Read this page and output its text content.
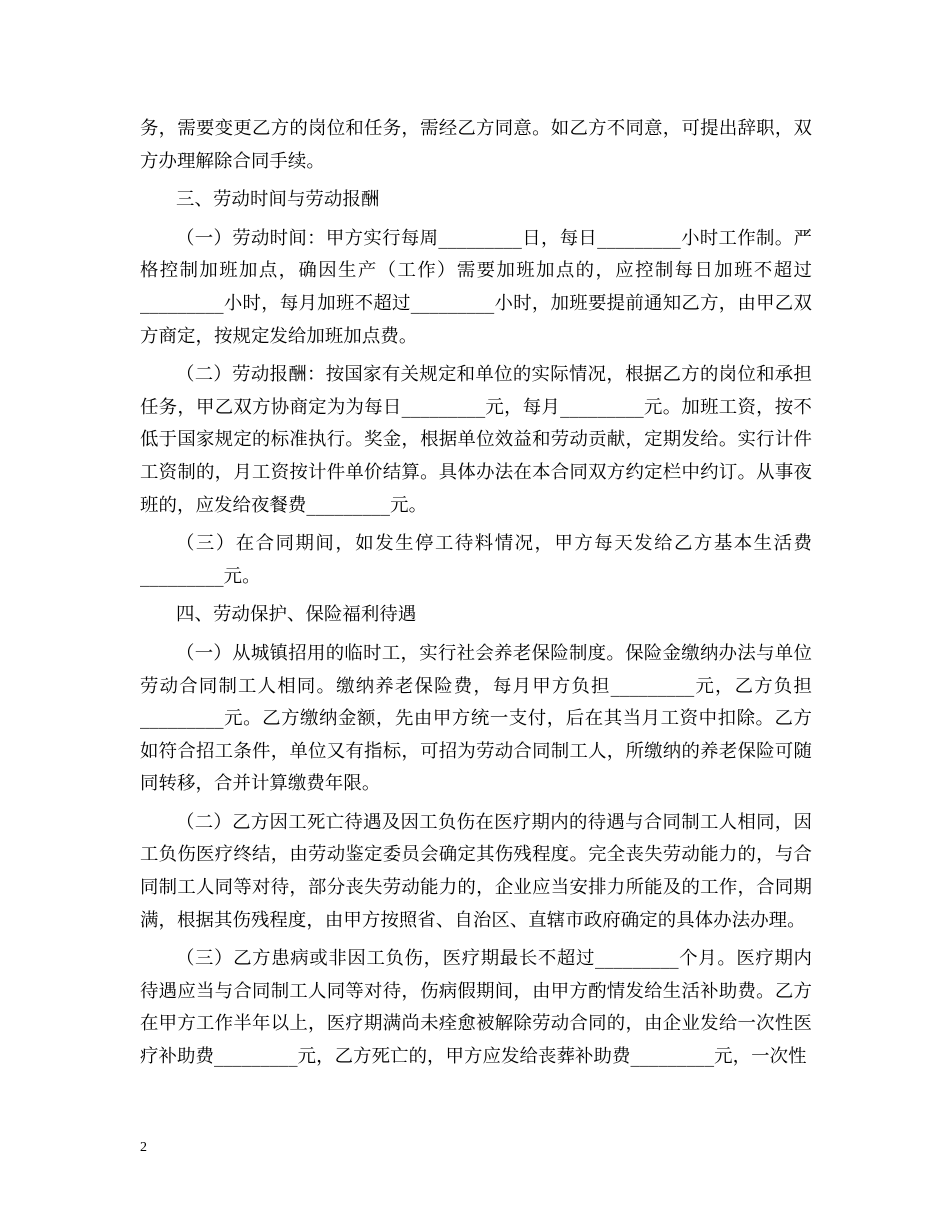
务，需要变更乙方的岗位和任务，需经乙方同意。如乙方不同意，可提出辞职，双方办理解除合同手续。

三、劳动时间与劳动报酬

（一）劳动时间：甲方实行每周_________日，每日_________小时工作制。严格控制加班加点，确因生产（工作）需要加班加点的，应控制每日加班不超过_________小时，每月加班不超过_________小时，加班要提前通知乙方，由甲乙双方商定，按规定发给加班加点费。

（二）劳动报酬：按国家有关规定和单位的实际情况，根据乙方的岗位和承担任务，甲乙双方协商定为为每日_________元，每月_________元。加班工资，按不低于国家规定的标准执行。奖金，根据单位效益和劳动贡献，定期发给。实行计件工资制的，月工资按计件单价结算。具体办法在本合同双方约定栏中约订。从事夜班的，应发给夜餐费_________元。

（三）在合同期间，如发生停工待料情况，甲方每天发给乙方基本生活费_________元。

四、劳动保护、保险福利待遇

（一）从城镇招用的临时工，实行社会养老保险制度。保险金缴纳办法与单位劳动合同制工人相同。缴纳养老保险费，每月甲方负担_________元，乙方负担_________元。乙方缴纳金额，先由甲方统一支付，后在其当月工资中扣除。乙方如符合招工条件，单位又有指标，可招为劳动合同制工人，所缴纳的养老保险可随同转移，合并计算缴费年限。

（二）乙方因工死亡待遇及因工负伤在医疗期内的待遇与合同制工人相同，因工负伤医疗终结，由劳动鉴定委员会确定其伤残程度。完全丧失劳动能力的，与合同制工人同等对待，部分丧失劳动能力的，企业应当安排力所能及的工作，合同期满，根据其伤残程度，由甲方按照省、自治区、直辖市政府确定的具体办法办理。

（三）乙方患病或非因工负伤，医疗期最长不超过_________个月。医疗期内待遇应当与合同制工人同等对待，伤病假期间，由甲方酌情发给生活补助费。乙方在甲方工作半年以上，医疗期满尚未痊愈被解除劳动合同的，由企业发给一次性医疗补助费_________元，乙方死亡的，甲方应发给丧葬补助费_________元，一次性

2
